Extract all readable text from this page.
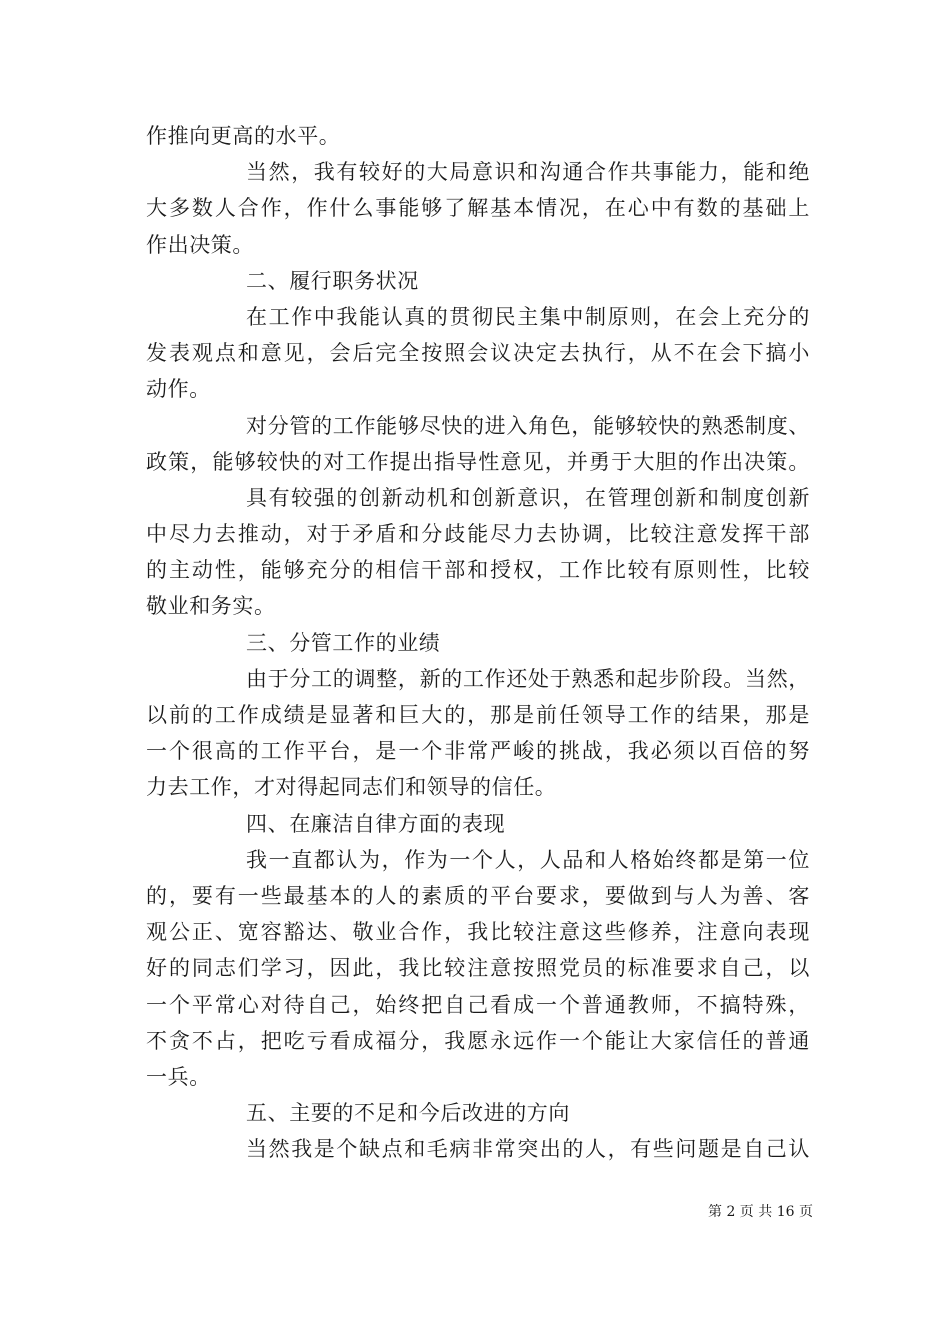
作推向更高的水平。
当然，我有较好的大局意识和沟通合作共事能力，能和绝
大多数人合作，作什么事能够了解基本情况，在心中有数的基础上
作出决策。
二、履行职务状况
在工作中我能认真的贯彻民主集中制原则，在会上充分的
发表观点和意见，会后完全按照会议决定去执行，从不在会下搞小
动作。
对分管的工作能够尽快的进入角色，能够较快的熟悉制度、
政策，能够较快的对工作提出指导性意见，并勇于大胆的作出决策。
具有较强的创新动机和创新意识，在管理创新和制度创新
中尽力去推动，对于矛盾和分歧能尽力去协调，比较注意发挥干部
的主动性，能够充分的相信干部和授权，工作比较有原则性，比较
敬业和务实。
三、分管工作的业绩
由于分工的调整，新的工作还处于熟悉和起步阶段。当然，
以前的工作成绩是显著和巨大的，那是前任领导工作的结果，那是
一个很高的工作平台，是一个非常严峻的挑战，我必须以百倍的努
力去工作，才对得起同志们和领导的信任。
四、在廉洁自律方面的表现
我一直都认为，作为一个人，人品和人格始终都是第一位
的，要有一些最基本的人的素质的平台要求，要做到与人为善、客
观公正、宽容豁达、敬业合作，我比较注意这些修养，注意向表现
好的同志们学习，因此，我比较注意按照党员的标准要求自己，以
一个平常心对待自己，始终把自己看成一个普通教师，不搞特殊，
不贪不占，把吃亏看成福分，我愿永远作一个能让大家信任的普通
一兵。
五、主要的不足和今后改进的方向
当然我是个缺点和毛病非常突出的人，有些问题是自己认
第 2 页 共 16 页
